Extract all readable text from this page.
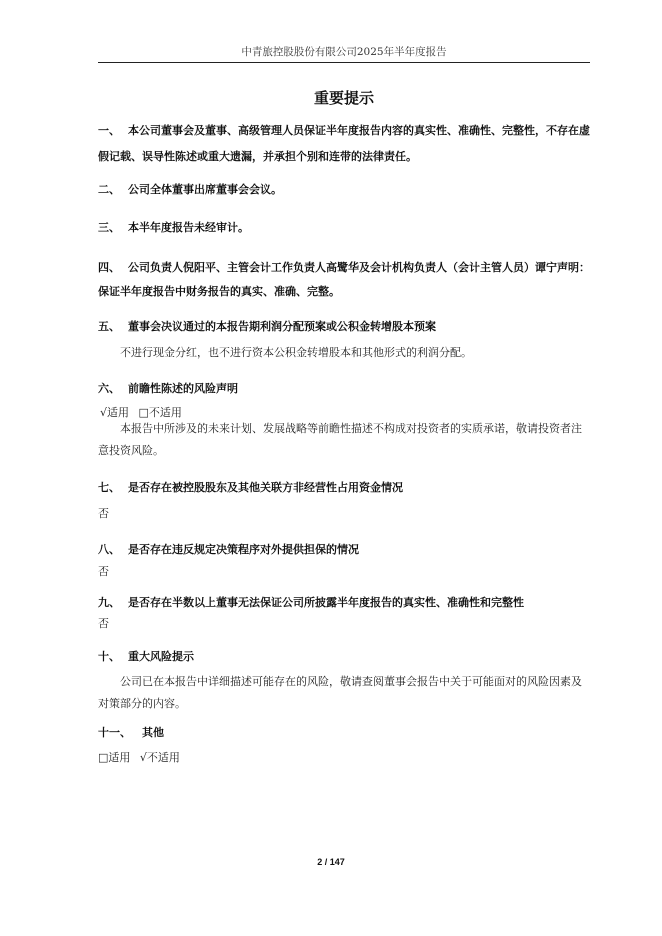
中青旅控股股份有限公司2025年半年度报告
重要提示

一、 本公司董事会及董事、高级管理人员保证半年度报告内容的真实性、准确性、完整性，不存在虚假记载、误导性陈述或重大遗漏，并承担个别和连带的法律责任。

二、 公司全体董事出席董事会会议。

三、 本半年度报告未经审计。

四、 公司负责人倪阳平、主管会计工作负责人高鹭华及会计机构负责人（会计主管人员）谭宁声明：保证半年度报告中财务报告的真实、准确、完整。

五、 董事会决议通过的本报告期利润分配预案或公积金转增股本预案

不进行现金分红，也不进行资本公积金转增股本和其他形式的利润分配。

六、 前瞻性陈述的风险声明

√适用 □不适用

本报告中所涉及的未来计划、发展战略等前瞻性描述不构成对投资者的实质承诺，敬请投资者注意投资风险。

七、 是否存在被控股股东及其他关联方非经营性占用资金情况

否

八、 是否存在违反规定决策程序对外提供担保的情况

否

九、 是否存在半数以上董事无法保证公司所披露半年度报告的真实性、准确性和完整性

否

十、 重大风险提示

公司已在本报告中详细描述可能存在的风险，敬请查阅董事会报告中关于可能面对的风险因素及对策部分的内容。

十一、 其他

□适用 √不适用
2 / 147
